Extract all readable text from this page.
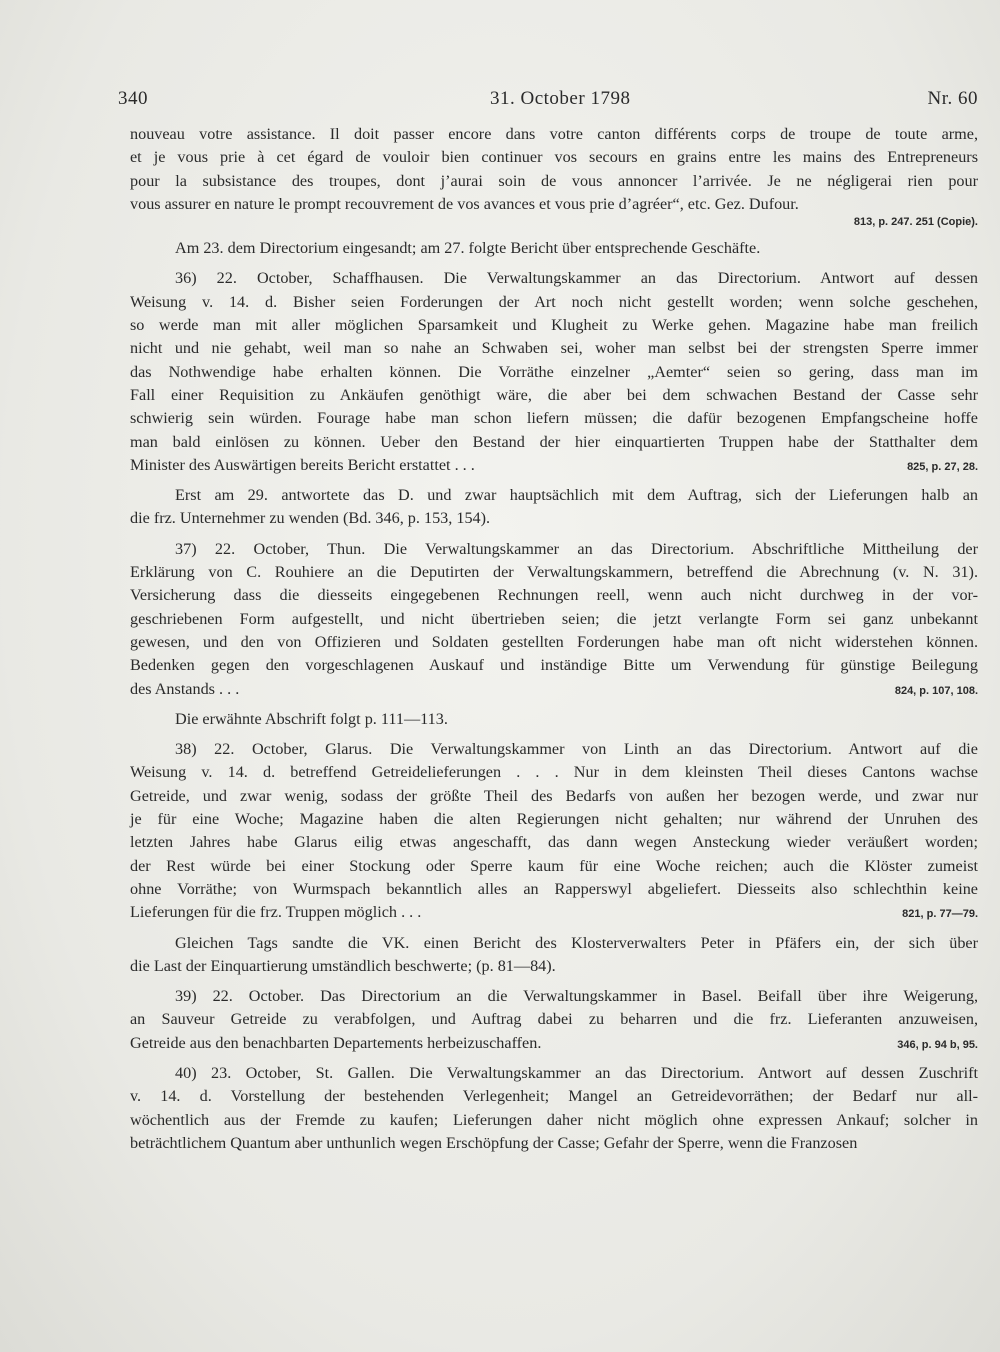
340	31. October 1798	Nr. 60
nouveau votre assistance. Il doit passer encore dans votre canton différents corps de troupe de toute arme,
et je vous prie à cet égard de vouloir bien continuer vos secours en grains entre les mains des Entrepreneurs
pour la subsistance des troupes, dont j’aurai soin de vous annoncer l’arrivée. Je ne négligerai rien pour
vous assurer en nature le prompt recouvrement de vos avances et vous prie d’agréer“, etc. Gez. Dufour.
813, p. 247. 251 (Copie).
Am 23. dem Directorium eingesandt; am 27. folgte Bericht über entsprechende Geschäfte.
36) 22. October, Schaffhausen. Die Verwaltungskammer an das Directorium. Antwort auf dessen
Weisung v. 14. d. Bisher seien Forderungen der Art noch nicht gestellt worden; wenn solche geschehen,
so werde man mit aller möglichen Sparsamkeit und Klugheit zu Werke gehen. Magazine habe man freilich
nicht und nie gehabt, weil man so nahe an Schwaben sei, woher man selbst bei der strengsten Sperre immer
das Nothwendige habe erhalten können. Die Vorräthe einzelner „Aemter“ seien so gering, dass man im
Fall einer Requisition zu Ankäufen genöthigt wäre, die aber bei dem schwachen Bestand der Casse sehr
schwierig sein würden. Fourage habe man schon liefern müssen; die dafür bezogenen Empfangscheine hoffe
man bald einlösen zu können. Ueber den Bestand der hier einquartierten Truppen habe der Statthalter dem
Minister des Auswärtigen bereits Bericht erstattet . . .	825, p. 27, 28.
Erst am 29. antwortete das D. und zwar hauptsächlich mit dem Auftrag, sich der Lieferungen halb an
die frz. Unternehmer zu wenden (Bd. 346, p. 153, 154).
37) 22. October, Thun. Die Verwaltungskammer an das Directorium. Abschriftliche Mittheilung der
Erklärung von C. Rouhiere an die Deputirten der Verwaltungskammern, betreffend die Abrechnung (v. N. 31).
Versicherung dass die diesseits eingegebenen Rechnungen reell, wenn auch nicht durchweg in der vor-
geschriebenen Form aufgestellt, und nicht übertrieben seien; die jetzt verlangte Form sei ganz unbekannt
gewesen, und den von Offizieren und Soldaten gestellten Forderungen habe man oft nicht widerstehen können.
Bedenken gegen den vorgeschlagenen Auskauf und inständige Bitte um Verwendung für günstige Beilegung
des Anstands . . .	824, p. 107, 108.
Die erwähnte Abschrift folgt p. 111—113.
38) 22. October, Glarus. Die Verwaltungskammer von Linth an das Directorium. Antwort auf die
Weisung v. 14. d. betreffend Getreidelieferungen . . . Nur in dem kleinsten Theil dieses Cantons wachse
Getreide, und zwar wenig, sodass der größte Theil des Bedarfs von außen her bezogen werde, und zwar nur
je für eine Woche; Magazine haben die alten Regierungen nicht gehalten; nur während der Unruhen des
letzten Jahres habe Glarus eilig etwas angeschafft, das dann wegen Ansteckung wieder veräußert worden;
der Rest würde bei einer Stockung oder Sperre kaum für eine Woche reichen; auch die Klöster zumeist
ohne Vorräthe; von Wurmspach bekanntlich alles an Rapperswyl abgeliefert. Diesseits also schlechthin keine
Lieferungen für die frz. Truppen möglich . . .	821, p. 77—79.
Gleichen Tags sandte die VK. einen Bericht des Klosterverwalters Peter in Pfäfers ein, der sich über
die Last der Einquartierung umständlich beschwerte; (p. 81—84).
39) 22. October. Das Directorium an die Verwaltungskammer in Basel. Beifall über ihre Weigerung,
an Sauveur Getreide zu verabfolgen, und Auftrag dabei zu beharren und die frz. Lieferanten anzuweisen,
Getreide aus den benachbarten Departements herbeizuschaffen.	346, p. 94 b, 95.
40) 23. October, St. Gallen. Die Verwaltungskammer an das Directorium. Antwort auf dessen Zuschrift
v. 14. d. Vorstellung der bestehenden Verlegenheit; Mangel an Getreidevorräthen; der Bedarf nur all-
wöchentlich aus der Fremde zu kaufen; Lieferungen daher nicht möglich ohne expressen Ankauf; solcher in
beträchtlichem Quantum aber unthunlich wegen Erschöpfung der Casse; Gefahr der Sperre, wenn die Franzosen
